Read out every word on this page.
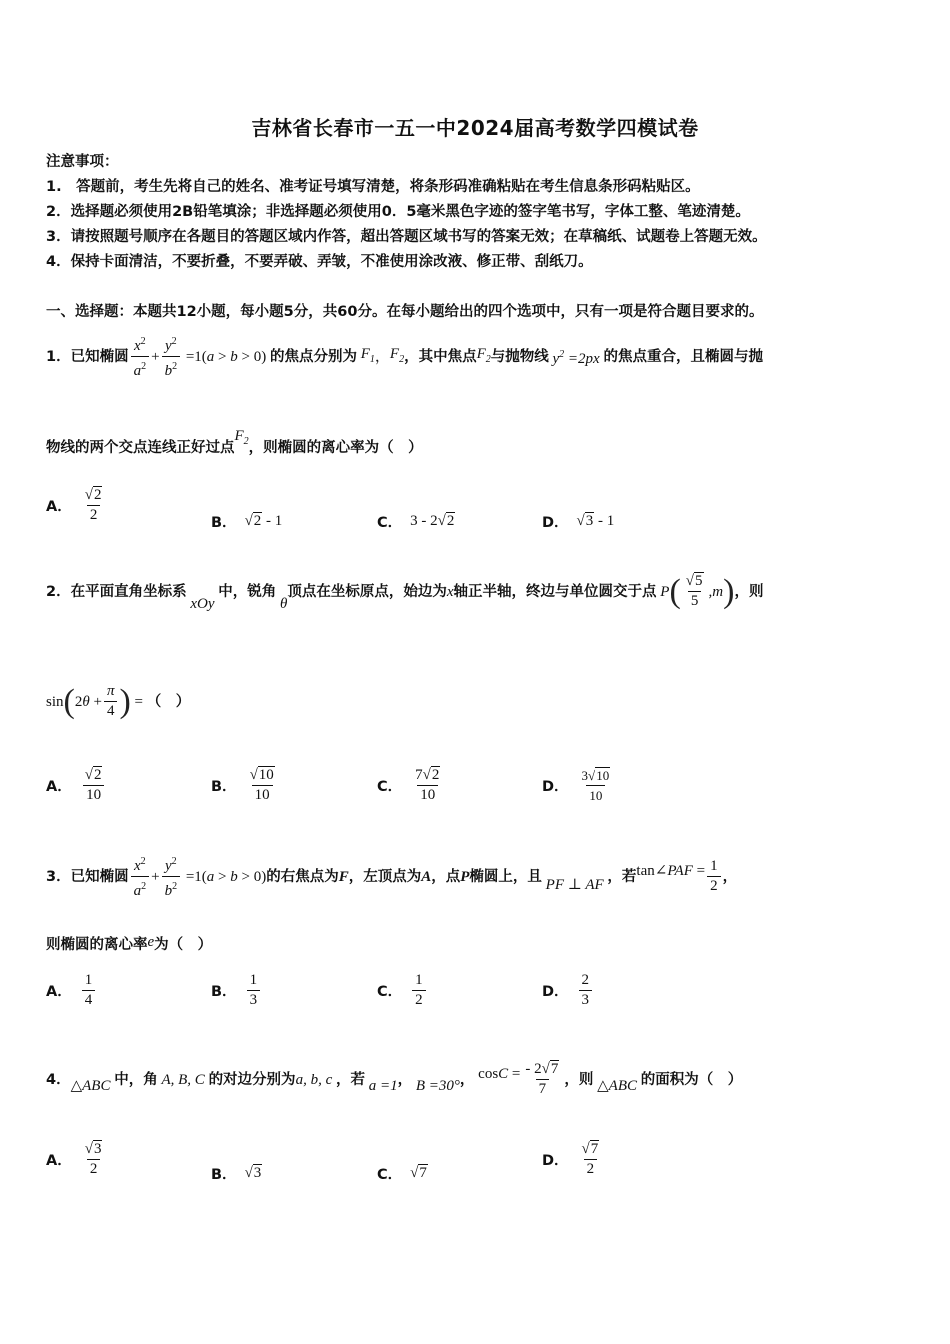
吉林省长春市一五一中2024届高考数学四模试卷
注意事项：
1.　答题前，考生先将自己的姓名、准考证号填写清楚，将条形码准确粘贴在考生信息条形码粘贴区。
2．选择题必须使用2B铅笔填涂；非选择题必须使用0．5毫米黑色字迹的签字笔书写，字体工整、笔迹清楚。
3．请按照题号顺序在各题目的答题区域内作答，超出答题区域书写的答案无效；在草稿纸、试题卷上答题无效。
4．保持卡面清洁，不要折叠，不要弄破、弄皱，不准使用涂改液、修正带、刮纸刀。
一、选择题：本题共12小题，每小题5分，共60分。在每小题给出的四个选项中，只有一项是符合题目要求的。
1． 已知椭圆 $\frac{x^2}{a^2} + \frac{y^2}{b^2} =1(a > b > 0)$ 的焦点分别为 $F_1$ ， $F_2$ ，其中焦点 $F_2$ 与抛物线 $y^2 =2px$ 的焦点重合，且椭圆与抛
物线的两个交点连线正好过点
$F_2$ ，则椭圆的离心率为（　）
A． $\frac{√2}{2}$	B． √2 - 1	C． 3 - 2 √2	D． √3 - 1
2． 在平面直角坐标系
xOy
中，锐角
θ
顶点在坐标原点，始边为 x 轴正半轴，终边与单位圆交于点 P ( $\frac{√5}{5} ,m$ ) ，则
sin ( $2\theta + \frac{\pi}{4}$ ) = （　）
A． $\frac{√2}{10}$	B． $\frac{√10}{10}$	C． $\frac{7√2}{10}$	D． $\frac{3√10}{10}$
3． 已知椭圆 $\frac{x^2}{a^2} + \frac{y^2}{b^2} =1(a > b > 0)$ 的右焦点为 F ，左顶点为 A ，点 P 椭圆上，且 PF ⊥ AF ，若 tan∠PAF = $\frac{1}{2}$ ，
则椭圆的离心率 e 为（　）
A． $\frac{1}{4}$	B． $\frac{1}{3}$	C． $\frac{1}{2}$	D． $\frac{2}{3}$
4． △ABC 中，角 A, B, C 的对边分别为 a, b, c ，若 a =1 ， B =30° ， $\cos C = \frac{- 2√7}{7}$ ，则 △ABC 的面积为（　）
A． $\frac{√3}{2}$	B． √3	C． √7
D． $\frac{√7}{2}$
